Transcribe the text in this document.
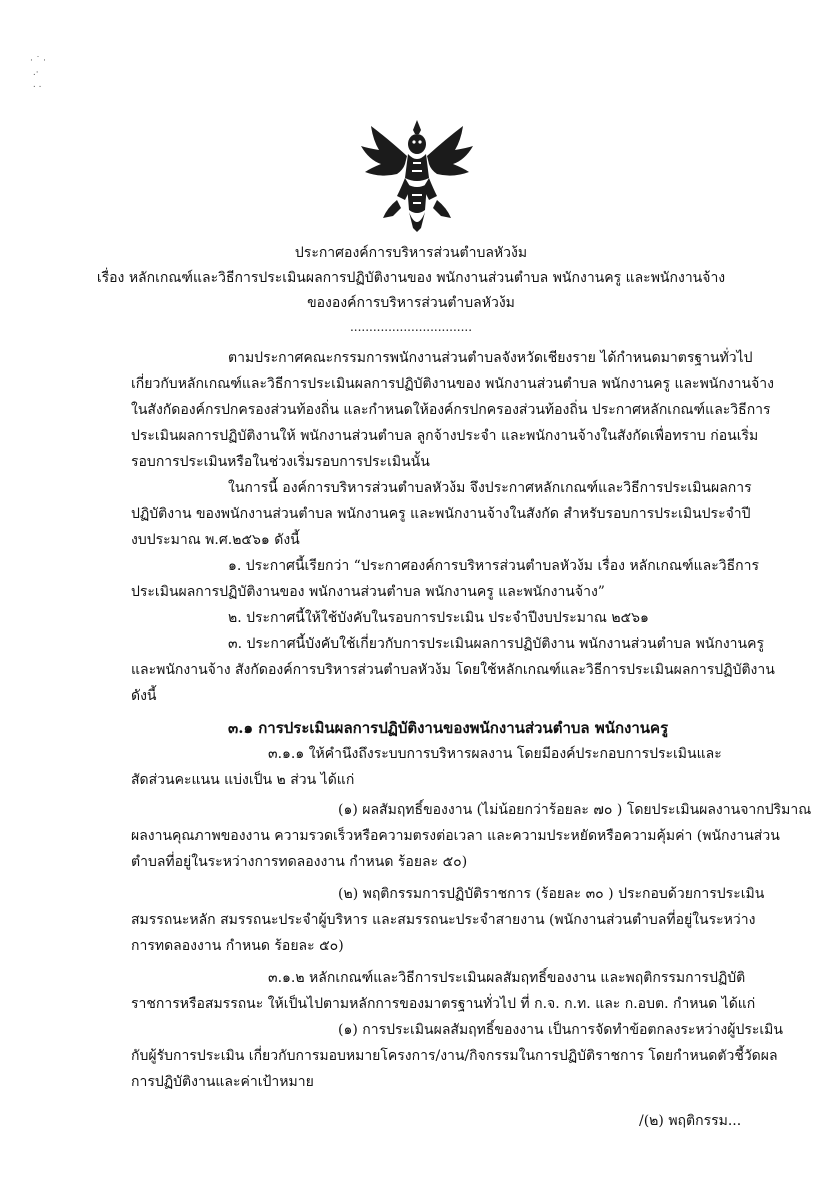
· ˙ ·
.·
. .
ประกาศองค์การบริหารส่วนตำบลหัวง้ม
เรื่อง หลักเกณฑ์และวิธีการประเมินผลการปฏิบัติงานของ พนักงานส่วนตำบล พนักงานครู และพนักงานจ้าง
ขององค์การบริหารส่วนตำบลหัวง้ม
................................
ตามประกาศคณะกรรมการพนักงานส่วนตำบลจังหวัดเชียงราย ได้กำหนดมาตรฐานทั่วไป
เกี่ยวกับหลักเกณฑ์และวิธีการประเมินผลการปฏิบัติงานของ พนักงานส่วนตำบล พนักงานครู และพนักงานจ้าง
ในสังกัดองค์กรปกครองส่วนท้องถิ่น และกำหนดให้องค์กรปกครองส่วนท้องถิ่น ประกาศหลักเกณฑ์และวิธีการ
ประเมินผลการปฏิบัติงานให้ พนักงานส่วนตำบล ลูกจ้างประจำ และพนักงานจ้างในสังกัดเพื่อทราบ ก่อนเริ่ม
รอบการประเมินหรือในช่วงเริ่มรอบการประเมินนั้น
ในการนี้ องค์การบริหารส่วนตำบลหัวง้ม จึงประกาศหลักเกณฑ์และวิธีการประเมินผลการ
ปฏิบัติงาน ของพนักงานส่วนตำบล พนักงานครู และพนักงานจ้างในสังกัด สำหรับรอบการประเมินประจำปี
งบประมาณ พ.ศ.๒๕๖๑ ดังนี้
๑. ประกาศนี้เรียกว่า “ประกาศองค์การบริหารส่วนตำบลหัวง้ม เรื่อง หลักเกณฑ์และวิธีการ
ประเมินผลการปฏิบัติงานของ พนักงานส่วนตำบล พนักงานครู และพนักงานจ้าง”
๒. ประกาศนี้ให้ใช้บังคับในรอบการประเมิน ประจำปีงบประมาณ ๒๕๖๑
๓. ประกาศนี้บังคับใช้เกี่ยวกับการประเมินผลการปฏิบัติงาน พนักงานส่วนตำบล พนักงานครู
และพนักงานจ้าง สังกัดองค์การบริหารส่วนตำบลหัวง้ม โดยใช้หลักเกณฑ์และวิธีการประเมินผลการปฏิบัติงาน
ดังนี้
๓.๑ การประเมินผลการปฏิบัติงานของพนักงานส่วนตำบล พนักงานครู
๓.๑.๑ ให้คำนึงถึงระบบการบริหารผลงาน โดยมีองค์ประกอบการประเมินและ
สัดส่วนคะแนน แบ่งเป็น ๒ ส่วน ได้แก่
(๑) ผลสัมฤทธิ์ของงาน (ไม่น้อยกว่าร้อยละ ๗๐ ) โดยประเมินผลงานจากปริมาณ
ผลงานคุณภาพของงาน ความรวดเร็วหรือความตรงต่อเวลา และความประหยัดหรือความคุ้มค่า (พนักงานส่วน
ตำบลที่อยู่ในระหว่างการทดลองงาน กำหนด ร้อยละ ๕๐)
(๒) พฤติกรรมการปฏิบัติราชการ (ร้อยละ ๓๐ ) ประกอบด้วยการประเมิน
สมรรถนะหลัก สมรรถนะประจำผู้บริหาร และสมรรถนะประจำสายงาน (พนักงานส่วนตำบลที่อยู่ในระหว่าง
การทดลองงาน กำหนด ร้อยละ ๕๐)
๓.๑.๒ หลักเกณฑ์และวิธีการประเมินผลสัมฤทธิ์ของงาน และพฤติกรรมการปฏิบัติ
ราชการหรือสมรรถนะ ให้เป็นไปตามหลักการของมาตรฐานทั่วไป ที่ ก.จ. ก.ท. และ ก.อบต. กำหนด ได้แก่
(๑) การประเมินผลสัมฤทธิ์ของงาน เป็นการจัดทำข้อตกลงระหว่างผู้ประเมิน
กับผู้รับการประเมิน เกี่ยวกับการมอบหมายโครงการ/งาน/กิจกรรมในการปฏิบัติราชการ โดยกำหนดตัวชี้วัดผล
การปฏิบัติงานและค่าเป้าหมาย
/(๒) พฤติกรรม...
